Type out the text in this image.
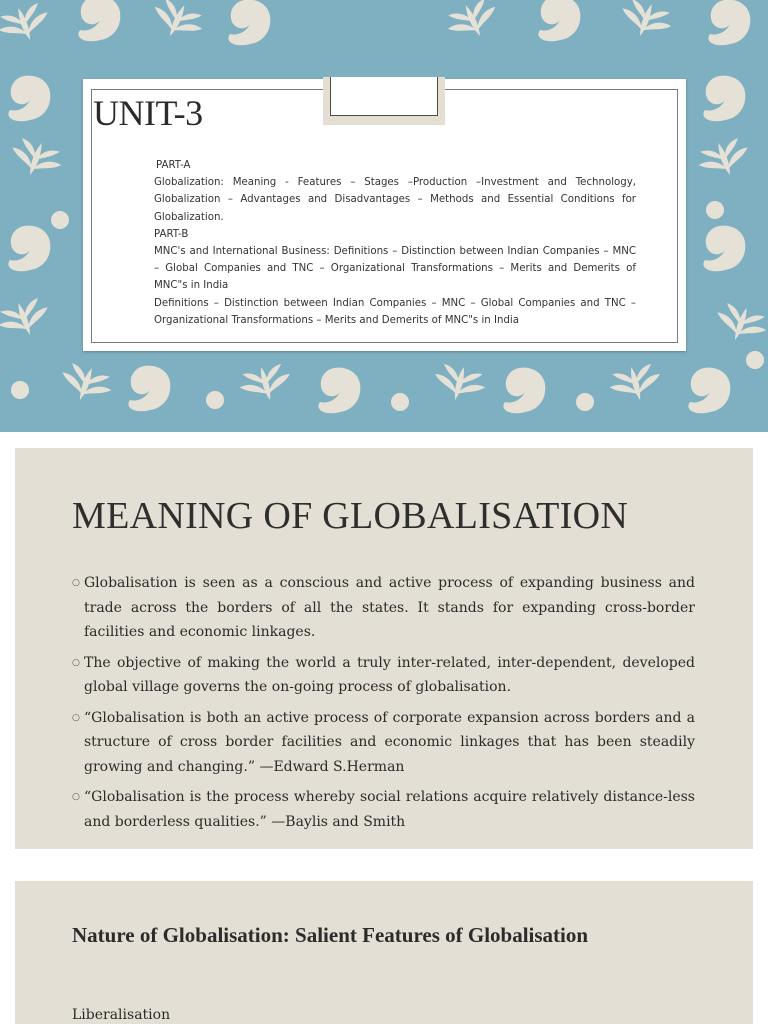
UNIT-3

PART-A

Globalization: Meaning - Features – Stages –Production –Investment and Technology, Globalization – Advantages and Disadvantages – Methods and Essential Conditions for Globalization.

PART-B

MNC's and International Business: Definitions – Distinction between Indian Companies – MNC – Global Companies and TNC – Organizational Transformations – Merits and Demerits of MNC"s in India

Definitions – Distinction between Indian Companies – MNC – Global Companies and TNC – Organizational Transformations – Merits and Demerits of MNC"s in India

MEANING OF GLOBALISATION
○ Globalisation is seen as a conscious and active process of expanding business and trade across the borders of all the states. It stands for expanding cross-border facilities and economic linkages.
○ The objective of making the world a truly inter-related, inter-dependent, developed global village governs the on-going process of globalisation.
○ “Globalisation is both an active process of corporate expansion across borders and a structure of cross border facilities and economic linkages that has been steadily growing and changing.” —Edward S.Herman
○ “Globalisation is the process whereby social relations acquire relatively distance-less and borderless qualities.” —Baylis and Smith
Nature of Globalisation: Salient Features of Globalisation
Liberalisation
